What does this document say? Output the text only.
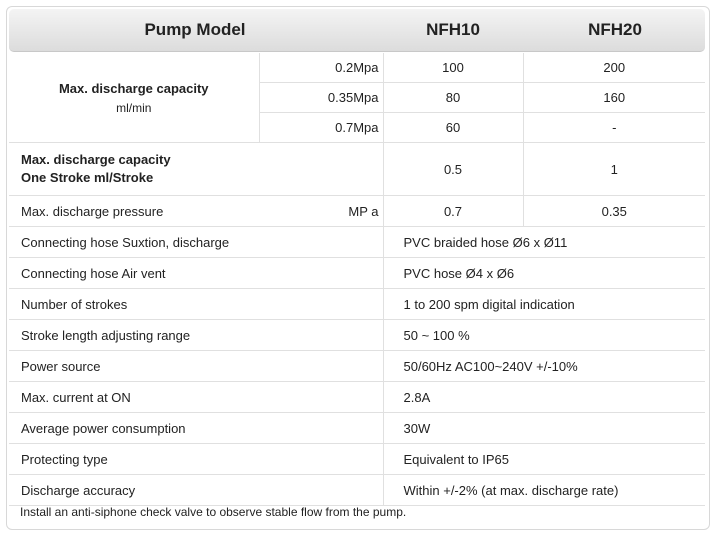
Pump Model	NFH10	NFH20
Max. discharge capacity
ml/min	0.2Mpa	100	200
	0.35Mpa	80	160
	0.7Mpa	60	-

Max. discharge capacity
One Stroke ml/Stroke		0.5	1
Max. discharge pressure	MP a	0.7	0.35
Connecting hose Suxtion, discharge		PVC braided hose Ø6 x Ø11	
Connecting hose Air vent		PVC hose Ø4 x Ø6	
Number of strokes		1 to 200 spm digital indication	
Stroke length adjusting range		50 ~ 100 %	
Power source		50/60Hz AC100~240V +/-10%	
Max. current at ON		2.8A	
Average power consumption		30W	
Protecting type		Equivalent to IP65	
Discharge accuracy		Within +/-2% (at max. discharge rate)	
Install an anti-siphone check valve to observe stable flow from the pump.
